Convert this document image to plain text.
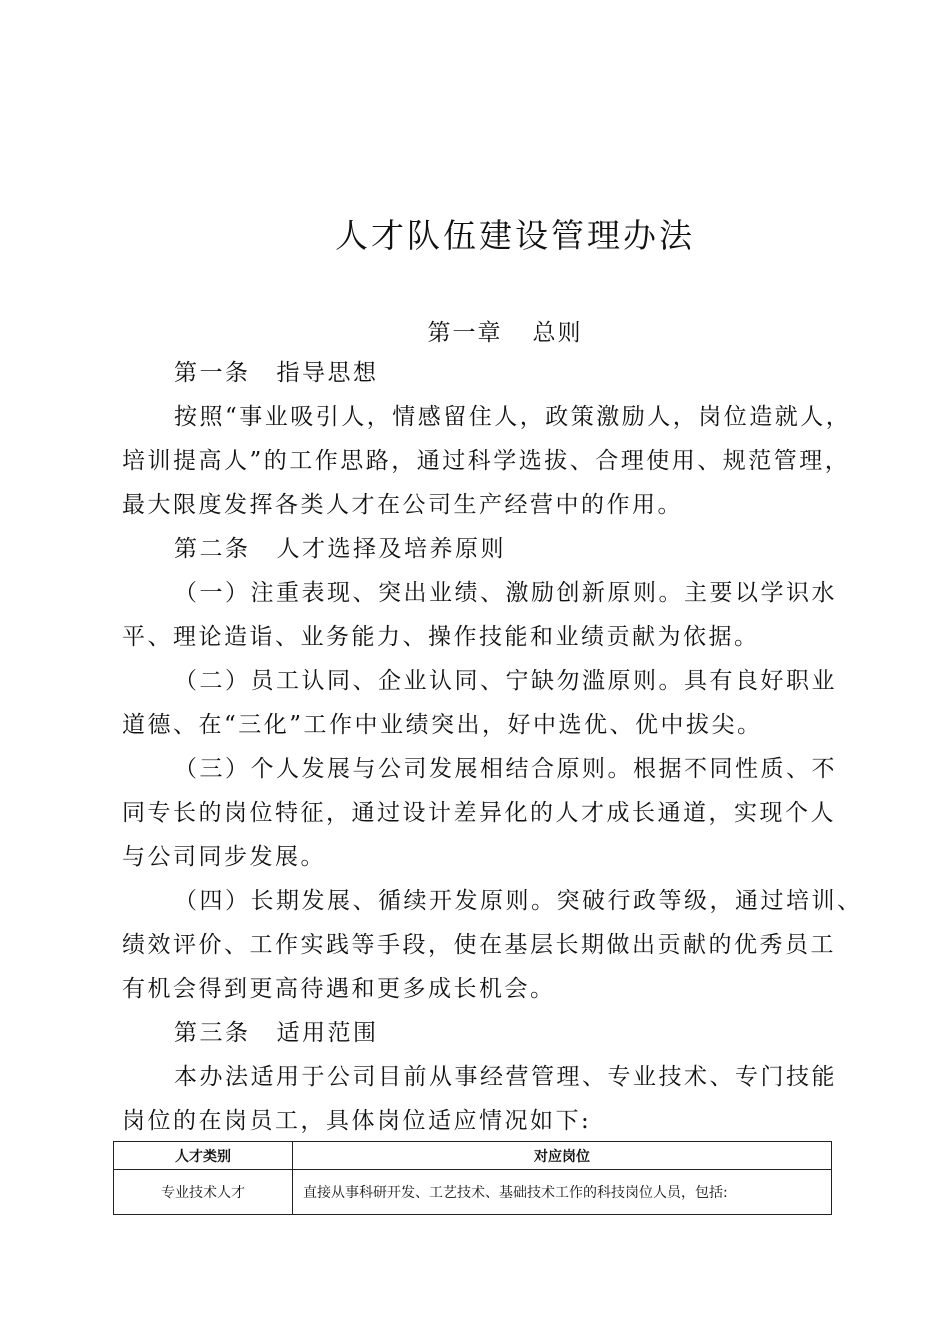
人才队伍建设管理办法
第一章 总则
第一条 指导思想
按照“事业吸引人，情感留住人，政策激励人，岗位造就人，
培训提高人”的工作思路，通过科学选拔、合理使用、规范管理，
最大限度发挥各类人才在公司生产经营中的作用。
第二条 人才选择及培养原则
（一）注重表现、突出业绩、激励创新原则。主要以学识水
平、理论造诣、业务能力、操作技能和业绩贡献为依据。
（二）员工认同、企业认同、宁缺勿滥原则。具有良好职业
道德、在“三化”工作中业绩突出，好中选优、优中拔尖。
（三）个人发展与公司发展相结合原则。根据不同性质、不
同专长的岗位特征，通过设计差异化的人才成长通道，实现个人
与公司同步发展。
（四）长期发展、循续开发原则。突破行政等级，通过培训、
绩效评价、工作实践等手段，使在基层长期做出贡献的优秀员工
有机会得到更高待遇和更多成长机会。
第三条 适用范围
本办法适用于公司目前从事经营管理、专业技术、专门技能
岗位的在岗员工，具体岗位适应情况如下:
人才类别	对应岗位
专业技术人才	直接从事科研开发、工艺技术、基础技术工作的科技岗位人员，包括:
